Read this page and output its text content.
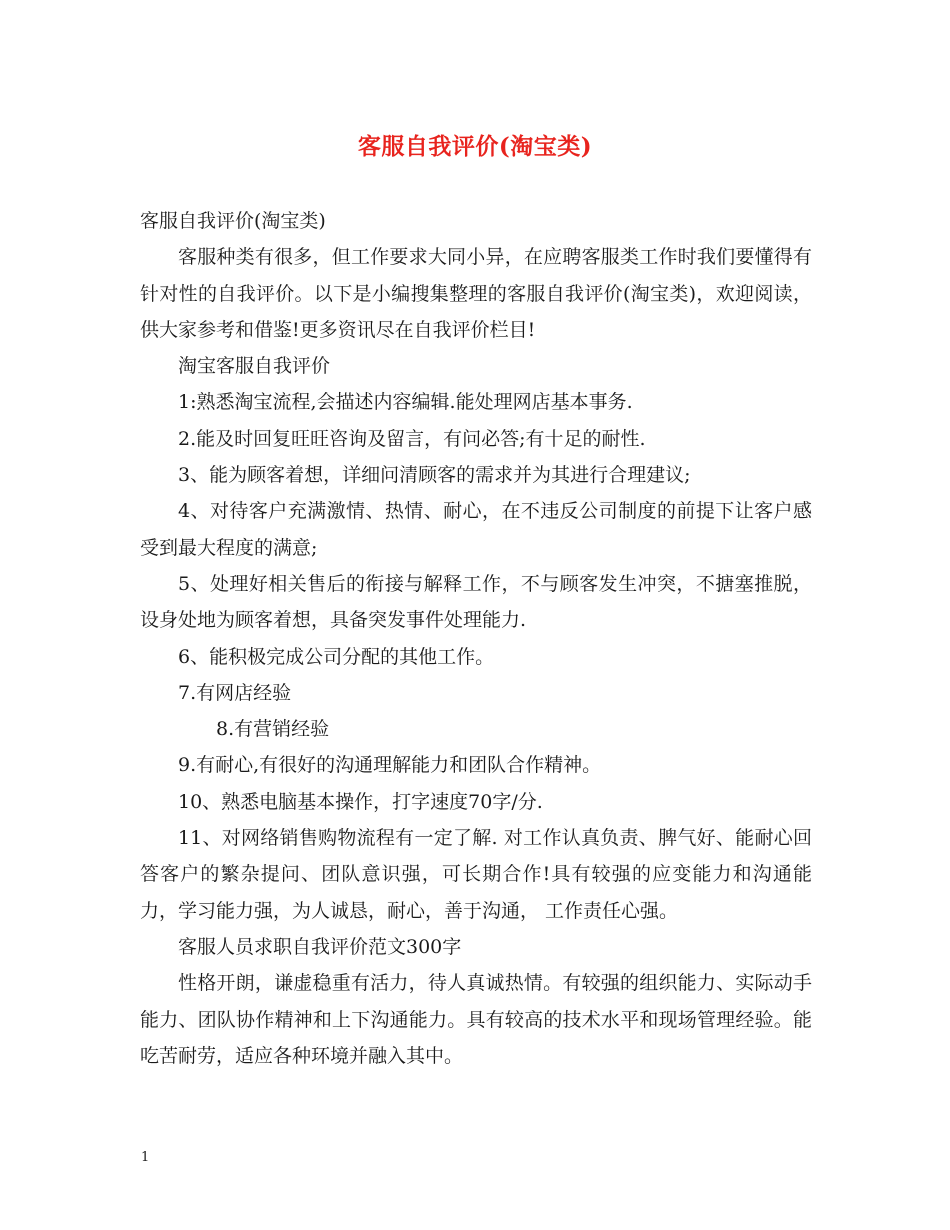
客服自我评价(淘宝类)

客服自我评价(淘宝类)

客服种类有很多，但工作要求大同小异，在应聘客服类工作时我们要懂得有针对性的自我评价。以下是小编搜集整理的客服自我评价(淘宝类)，欢迎阅读，供大家参考和借鉴!更多资讯尽在自我评价栏目!

淘宝客服自我评价

1:熟悉淘宝流程,会描述内容编辑.能处理网店基本事务.

2.能及时回复旺旺咨询及留言，有问必答;有十足的耐性.

3、能为顾客着想，详细问清顾客的需求并为其进行合理建议;

4、对待客户充满激情、热情、耐心，在不违反公司制度的前提下让客户感受到最大程度的满意;

5、处理好相关售后的衔接与解释工作，不与顾客发生冲突，不搪塞推脱，设身处地为顾客着想，具备突发事件处理能力.

6、能积极完成公司分配的其他工作。

7.有网店经验

8.有营销经验

9.有耐心,有很好的沟通理解能力和团队合作精神。

10、熟悉电脑基本操作，打字速度70字/分.

11、对网络销售购物流程有一定了解. 对工作认真负责、脾气好、能耐心回答客户的繁杂提问、团队意识强，可长期合作!具有较强的应变能力和沟通能力，学习能力强，为人诚恳，耐心，善于沟通， 工作责任心强。

客服人员求职自我评价范文300字

性格开朗，谦虚稳重有活力，待人真诚热情。有较强的组织能力、实际动手能力、团队协作精神和上下沟通能力。具有较高的技术水平和现场管理经验。能吃苦耐劳，适应各种环境并融入其中。

1
